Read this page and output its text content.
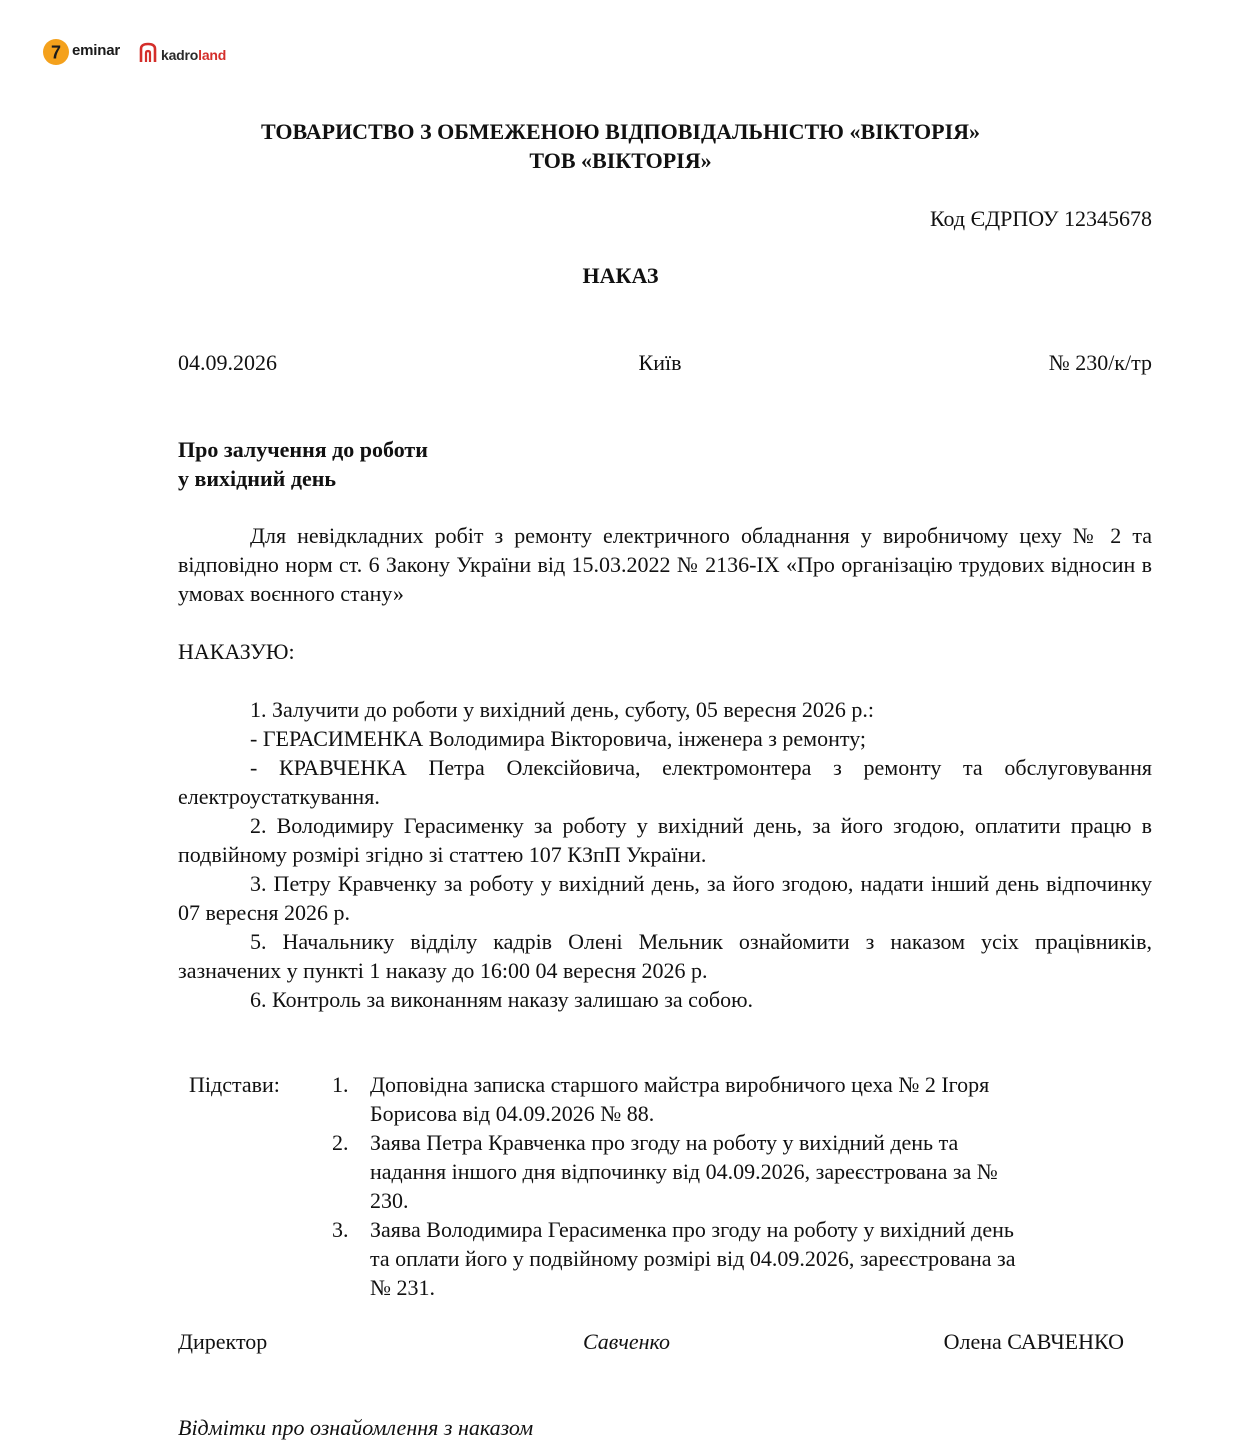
7 eminar	kadroland
ТОВАРИСТВО З ОБМЕЖЕНОЮ ВІДПОВІДАЛЬНІСТЮ «ВІКТОРІЯ»
ТОВ «ВІКТОРІЯ»
Код ЄДРПОУ 12345678
НАКАЗ
04.09.2026	Київ	№ 230/к/тр
Про залучення до роботи
у вихідний день
Для невідкладних робіт з ремонту електричного обладнання у виробничому цеху № 2 та відповідно норм ст. 6 Закону України від 15.03.2022 № 2136-IX «Про організацію трудових відносин в умовах воєнного стану»
НАКАЗУЮ:
1. Залучити до роботи у вихідний день, суботу, 05 вересня 2026 р.:
- ГЕРАСИМЕНКА Володимира Вікторовича, інженера з ремонту;
- КРАВЧЕНКА Петра Олексійовича, електромонтера з ремонту та обслуговування електроустаткування.
2. Володимиру Герасименку за роботу у вихідний день, за його згодою, оплатити працю в подвійному розмірі згідно зі статтею 107 КЗпП України.
3. Петру Кравченку за роботу у вихідний день, за його згодою, надати інший день відпочинку 07 вересня 2026 р.
5. Начальнику відділу кадрів Олені Мельник ознайомити з наказом усіх працівників, зазначених у пункті 1 наказу до 16:00 04 вересня 2026 р.
6. Контроль за виконанням наказу залишаю за собою.
Підстави: 1. Доповідна записка старшого майстра виробничого цеха № 2 Ігоря
Борисова від 04.09.2026 № 88.
2. Заява Петра Кравченка про згоду на роботу у вихідний день та
надання іншого дня відпочинку від 04.09.2026, зареєстрована за №
230.
3. Заява Володимира Герасименка про згоду на роботу у вихідний день
та оплати його у подвійному розмірі від 04.09.2026, зареєстрована за
№ 231.
Директор	Савченко	Олена САВЧЕНКО
Відмітки про ознайомлення з наказом
